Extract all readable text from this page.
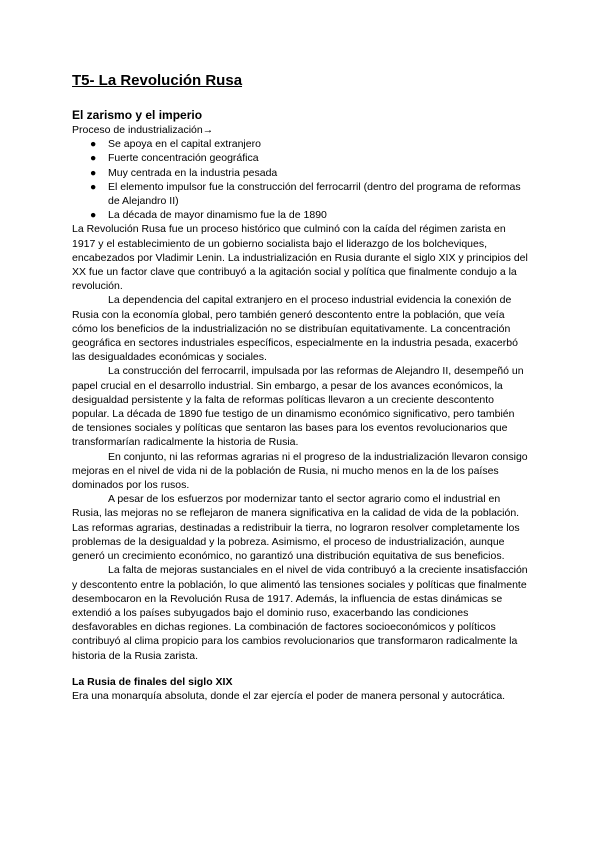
T5- La Revolución Rusa
El zarismo y el imperio

Proceso de industrialización→

● Se apoya en el capital extranjero
● Fuerte concentración geográfica
● Muy centrada en la industria pesada
● El elemento impulsor fue la construcción del ferrocarril (dentro del programa de reformas de Alejandro II)
● La década de mayor dinamismo fue la de 1890

La Revolución Rusa fue un proceso histórico que culminó con la caída del régimen zarista en 1917 y el establecimiento de un gobierno socialista bajo el liderazgo de los bolcheviques, encabezados por Vladimir Lenin. La industrialización en Rusia durante el siglo XIX y principios del XX fue un factor clave que contribuyó a la agitación social y política que finalmente condujo a la revolución.

La dependencia del capital extranjero en el proceso industrial evidencia la conexión de Rusia con la economía global, pero también generó descontento entre la población, que veía cómo los beneficios de la industrialización no se distribuían equitativamente. La concentración geográfica en sectores industriales específicos, especialmente en la industria pesada, exacerbó las desigualdades económicas y sociales.

La construcción del ferrocarril, impulsada por las reformas de Alejandro II, desempeñó un papel crucial en el desarrollo industrial. Sin embargo, a pesar de los avances económicos, la desigualdad persistente y la falta de reformas políticas llevaron a un creciente descontento popular. La década de 1890 fue testigo de un dinamismo económico significativo, pero también de tensiones sociales y políticas que sentaron las bases para los eventos revolucionarios que transformarían radicalmente la historia de Rusia.

En conjunto, ni las reformas agrarias ni el progreso de la industrialización llevaron consigo mejoras en el nivel de vida ni de la población de Rusia, ni mucho menos en la de los países dominados por los rusos.

A pesar de los esfuerzos por modernizar tanto el sector agrario como el industrial en Rusia, las mejoras no se reflejaron de manera significativa en la calidad de vida de la población. Las reformas agrarias, destinadas a redistribuir la tierra, no lograron resolver completamente los problemas de la desigualdad y la pobreza. Asimismo, el proceso de industrialización, aunque generó un crecimiento económico, no garantizó una distribución equitativa de sus beneficios.

La falta de mejoras sustanciales en el nivel de vida contribuyó a la creciente insatisfacción y descontento entre la población, lo que alimentó las tensiones sociales y políticas que finalmente desembocaron en la Revolución Rusa de 1917. Además, la influencia de estas dinámicas se extendió a los países subyugados bajo el dominio ruso, exacerbando las condiciones desfavorables en dichas regiones. La combinación de factores socioeconómicos y políticos contribuyó al clima propicio para los cambios revolucionarios que transformaron radicalmente la historia de la Rusia zarista.

La Rusia de finales del siglo XIX

Era una monarquía absoluta, donde el zar ejercía el poder de manera personal y autocrática.
